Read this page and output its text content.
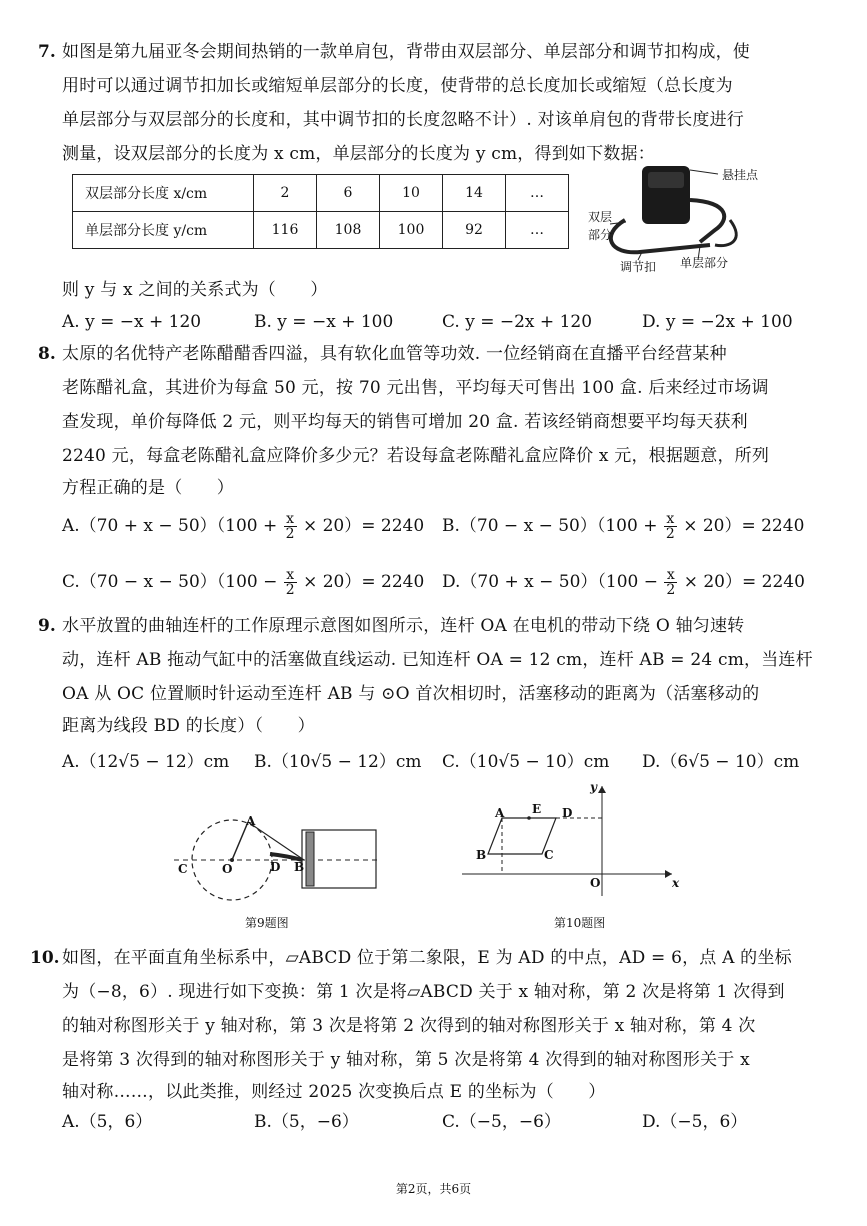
7. 如图是第九届亚冬会期间热销的一款单肩包，背带由双层部分、单层部分和调节扣构成，使
用时可以通过调节扣加长或缩短单层部分的长度，使背带的总长度加长或缩短（总长度为
单层部分与双层部分的长度和，其中调节扣的长度忽略不计）. 对该单肩包的背带长度进行
测量，设双层部分的长度为 x cm，单层部分的长度为 y cm，得到如下数据：
双层部分长度 x/cm	2	6	10	14	…
单层部分长度 y/cm	116	108	100	92	…
悬挂点
双层
部分
调节扣 单层部分
则 y 与 x 之间的关系式为（　　）
A. y = −x + 120	B. y = −x + 100	C. y = −2x + 120	D. y = −2x + 100
8. 太原的名优特产老陈醋醋香四溢，具有软化血管等功效. 一位经销商在直播平台经营某种
老陈醋礼盒，其进价为每盒 50 元，按 70 元出售，平均每天可售出 100 盒. 后来经过市场调
查发现，单价每降低 2 元，则平均每天的销售可增加 20 盒. 若该经销商想要平均每天获利
2240 元，每盒老陈醋礼盒应降价多少元？若设每盒老陈醋礼盒应降价 x 元，根据题意，所列
方程正确的是（　　）
$A.(70 + x - 50)(100 + \frac{x}{2} \times 20)= 2240$ $B.(70 - x - 50)(100 + \frac{x}{2} \times 20)= 2240$
$C.(70 - x - 50)(100 - \frac{x}{2} \times 20)= 2240$ $D.(70 + x - 50)(100 - \frac{x}{2} \times 20)= 2240$
9. 水平放置的曲轴连杆的工作原理示意图如图所示，连杆 OA 在电机的带动下绕 O 轴匀速转
动，连杆 AB 拖动气缸中的活塞做直线运动. 已知连杆 OA = 12 cm，连杆 AB = 24 cm，当连杆
OA 从 OC 位置顺时针运动至连杆 AB 与 ⊙O 首次相切时，活塞移动的距离为（活塞移动的
距离为线段 BD 的长度）（　　）
A.（12√5 − 12）cm B.（10√5 − 12）cm C.（10√5 − 10）cm D.（6√5 − 10）cm
A
C	O	D B
第9题图
A E D
B	C
O	x
y
第10题图
10. 如图，在平面直角坐标系中，▱ABCD 位于第二象限，E 为 AD 的中点，AD = 6，点 A 的坐标
为（−8，6）. 现进行如下变换：第 1 次是将▱ABCD 关于 x 轴对称，第 2 次是将第 1 次得到
的轴对称图形关于 y 轴对称，第 3 次是将第 2 次得到的轴对称图形关于 x 轴对称，第 4 次
是将第 3 次得到的轴对称图形关于 y 轴对称，第 5 次是将第 4 次得到的轴对称图形关于 x
轴对称……，以此类推，则经过 2025 次变换后点 E 的坐标为（　　）
A.（5，6）	B.（5，−6）	C.（−5，−6）	D.（−5，6）
第2页，共6页
